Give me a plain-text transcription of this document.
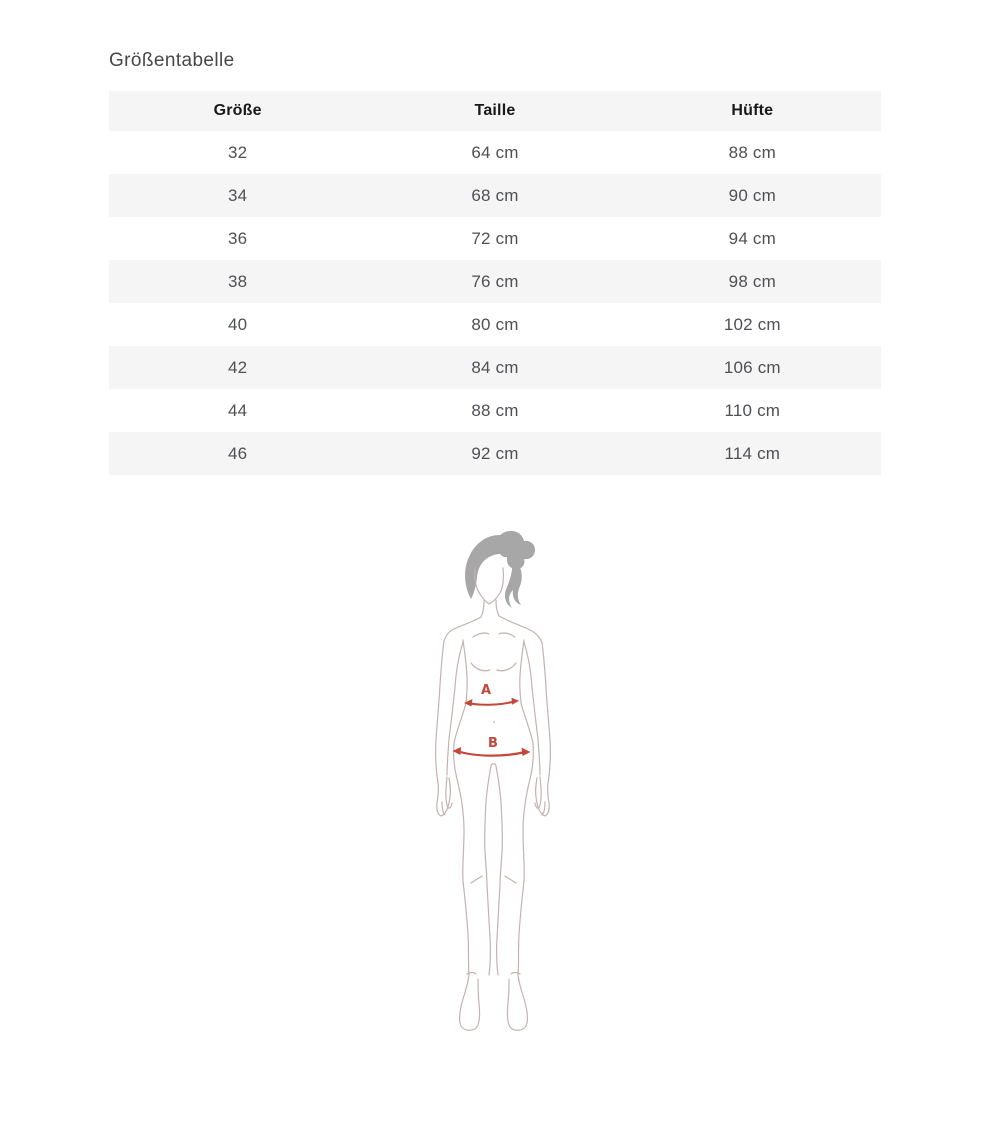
Größentabelle
Größe	Taille	Hüfte
32	64 cm	88 cm
34	68 cm	90 cm
36	72 cm	94 cm
38	76 cm	98 cm
40	80 cm	102 cm
42	84 cm	106 cm
44	88 cm	110 cm
46	92 cm	114 cm
A
B
